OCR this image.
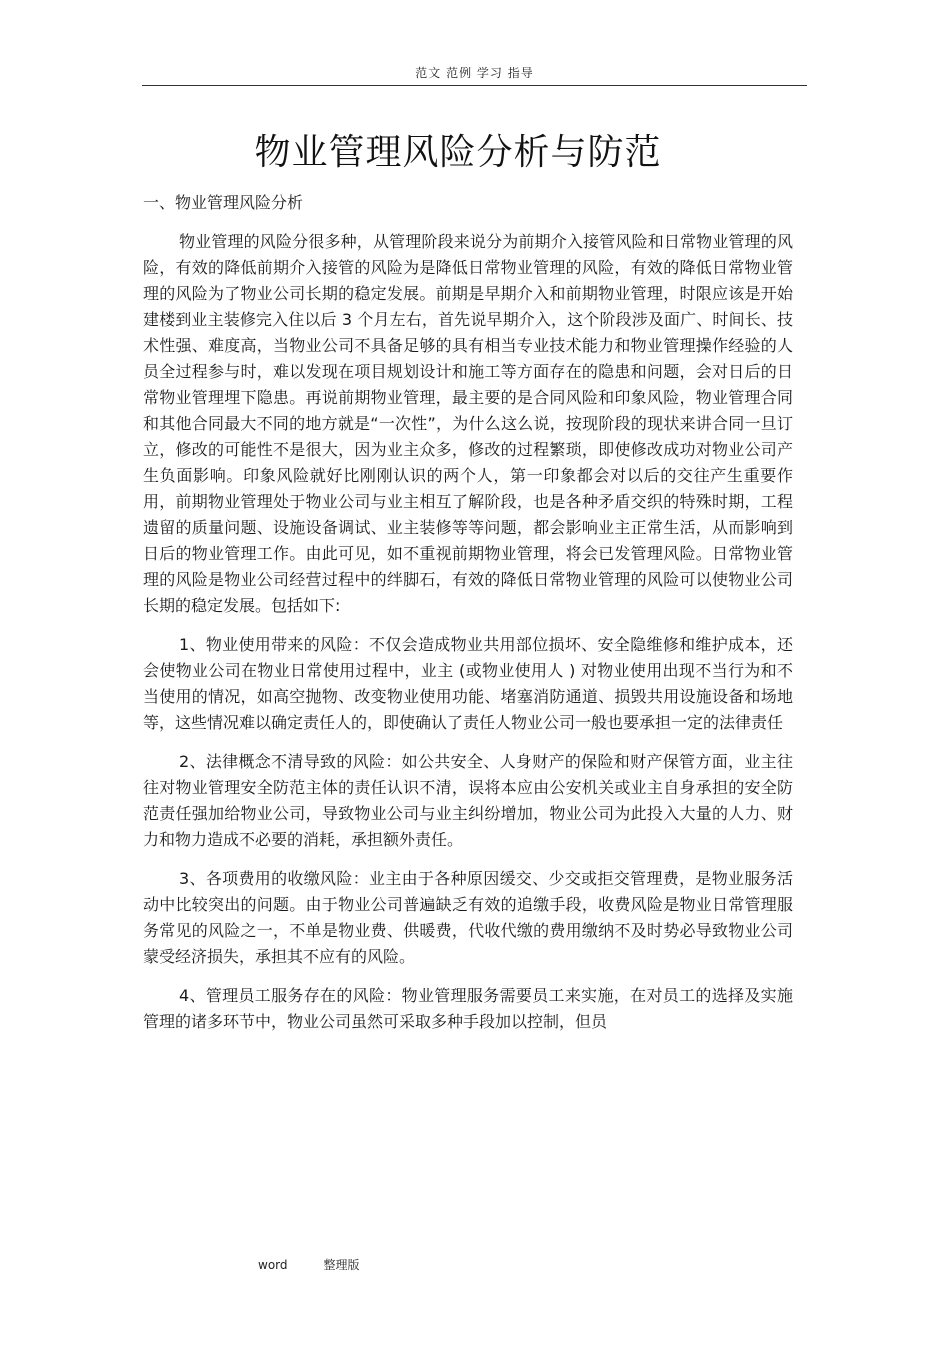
范文 范例 学习 指导
物业管理风险分析与防范
一、物业管理风险分析

物业管理的风险分很多种，从管理阶段来说分为前期介入接管风险和日常物业管理的风险，有效的降低前期介入接管的风险为是降低日常物业管理的风险，有效的降低日常物业管理的风险为了物业公司长期的稳定发展。前期是早期介入和前期物业管理，时限应该是开始建楼到业主装修完入住以后 3 个月左右，首先说早期介入，这个阶段涉及面广、时间长、技术性强、难度高，当物业公司不具备足够的具有相当专业技术能力和物业管理操作经验的人员全过程参与时，难以发现在项目规划设计和施工等方面存在的隐患和问题，会对日后的日常物业管理埋下隐患。再说前期物业管理，最主要的是合同风险和印象风险，物业管理合同和其他合同最大不同的地方就是“一次性”，为什么这么说，按现阶段的现状来讲合同一旦订立，修改的可能性不是很大，因为业主众多，修改的过程繁琐，即使修改成功对物业公司产生负面影响。印象风险就好比刚刚认识的两个人，第一印象都会对以后的交往产生重要作用，前期物业管理处于物业公司与业主相互了解阶段，也是各种矛盾交织的特殊时期，工程遗留的质量问题、设施设备调试、业主装修等等问题，都会影响业主正常生活，从而影响到日后的物业管理工作。由此可见，如不重视前期物业管理，将会已发管理风险。日常物业管理的风险是物业公司经营过程中的绊脚石，有效的降低日常物业管理的风险可以使物业公司长期的稳定发展。包括如下:

1、物业使用带来的风险：不仅会造成物业共用部位损坏、安全隐维修和维护成本，还会使物业公司在物业日常使用过程中，业主 (或物业使用人 ) 对物业使用出现不当行为和不当使用的情况，如高空抛物、改变物业使用功能、堵塞消防通道、损毁共用设施设备和场地等，这些情况难以确定责任人的，即使确认了责任人物业公司一般也要承担一定的法律责任

2、法律概念不清导致的风险：如公共安全、人身财产的保险和财产保管方面，业主往往对物业管理安全防范主体的责任认识不清，误将本应由公安机关或业主自身承担的安全防范责任强加给物业公司，导致物业公司与业主纠纷增加，物业公司为此投入大量的人力、财力和物力造成不必要的消耗，承担额外责任。

3、各项费用的收缴风险：业主由于各种原因缓交、少交或拒交管理费，是物业服务活动中比较突出的问题。由于物业公司普遍缺乏有效的追缴手段，收费风险是物业日常管理服务常见的风险之一，不单是物业费、供暖费，代收代缴的费用缴纳不及时势必导致物业公司蒙受经济损失，承担其不应有的风险。

4、管理员工服务存在的风险：物业管理服务需要员工来实施，在对员工的选择及实施管理的诸多环节中，物业公司虽然可采取多种手段加以控制，但员

word	整理版
